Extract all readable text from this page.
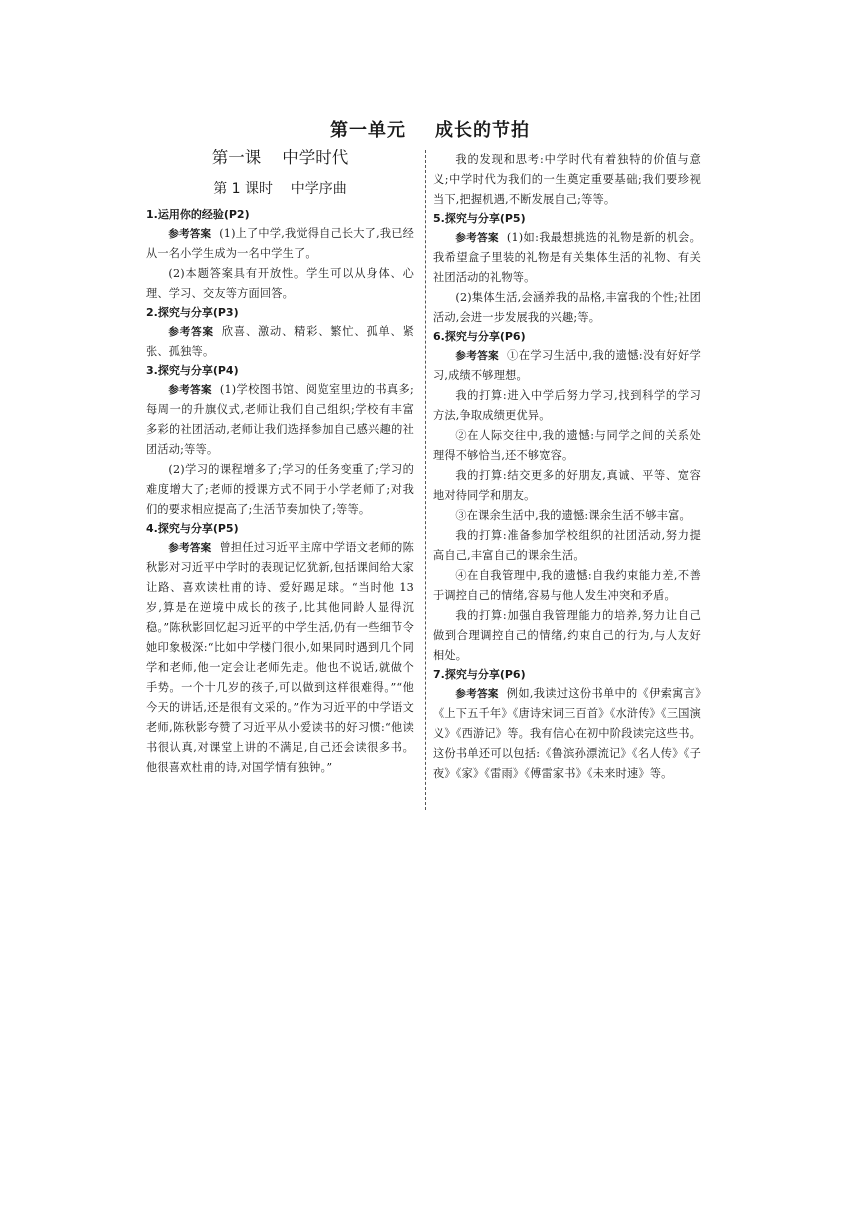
第一单元    成长的节拍
第一课    中学时代
第 1 课时    中学序曲
1.运用你的经验(P2)

参考答案 (1)上了中学,我觉得自己长大了,我已经从一名小学生成为一名中学生了。

(2)本题答案具有开放性。学生可以从身体、心理、学习、交友等方面回答。

2.探究与分享(P3)

参考答案 欣喜、激动、精彩、繁忙、孤单、紧张、孤独等。

3.探究与分享(P4)

参考答案 (1)学校图书馆、阅览室里边的书真多;每周一的升旗仪式,老师让我们自己组织;学校有丰富多彩的社团活动,老师让我们选择参加自己感兴趣的社团活动;等等。

(2)学习的课程增多了;学习的任务变重了;学习的难度增大了;老师的授课方式不同于小学老师了;对我们的要求相应提高了;生活节奏加快了;等等。

4.探究与分享(P5)

参考答案 曾担任过习近平主席中学语文老师的陈秋影对习近平中学时的表现记忆犹新,包括课间给大家让路、喜欢读杜甫的诗、爱好踢足球。“当时他 13 岁,算是在逆境中成长的孩子,比其他同龄人显得沉稳。”陈秋影回忆起习近平的中学生活,仍有一些细节令她印象极深:“比如中学楼门很小,如果同时遇到几个同学和老师,他一定会让老师先走。他也不说话,就做个手势。一个十几岁的孩子,可以做到这样很难得。”“他今天的讲话,还是很有文采的。”作为习近平的中学语文老师,陈秋影夸赞了习近平从小爱读书的好习惯:“他读书很认真,对课堂上讲的不满足,自己还会读很多书。他很喜欢杜甫的诗,对国学情有独钟。”

我的发现和思考:中学时代有着独特的价值与意义;中学时代为我们的一生奠定重要基础;我们要珍视当下,把握机遇,不断发展自己;等等。

5.探究与分享(P5)

参考答案 (1)如:我最想挑选的礼物是新的机会。我希望盒子里装的礼物是有关集体生活的礼物、有关社团活动的礼物等。

(2)集体生活,会涵养我的品格,丰富我的个性;社团活动,会进一步发展我的兴趣;等。

6.探究与分享(P6)

参考答案 ①在学习生活中,我的遗憾:没有好好学习,成绩不够理想。

我的打算:进入中学后努力学习,找到科学的学习方法,争取成绩更优异。

②在人际交往中,我的遗憾:与同学之间的关系处理得不够恰当,还不够宽容。

我的打算:结交更多的好朋友,真诚、平等、宽容地对待同学和朋友。

③在课余生活中,我的遗憾:课余生活不够丰富。

我的打算:准备参加学校组织的社团活动,努力提高自己,丰富自己的课余生活。

④在自我管理中,我的遗憾:自我约束能力差,不善于调控自己的情绪,容易与他人发生冲突和矛盾。

我的打算:加强自我管理能力的培养,努力让自己做到合理调控自己的情绪,约束自己的行为,与人友好相处。

7.探究与分享(P6)

参考答案 例如,我读过这份书单中的《伊索寓言》《上下五千年》《唐诗宋词三百首》《水浒传》《三国演义》《西游记》等。我有信心在初中阶段读完这些书。这份书单还可以包括:《鲁滨孙漂流记》《名人传》《子夜》《家》《雷雨》《傅雷家书》《未来时速》等。
